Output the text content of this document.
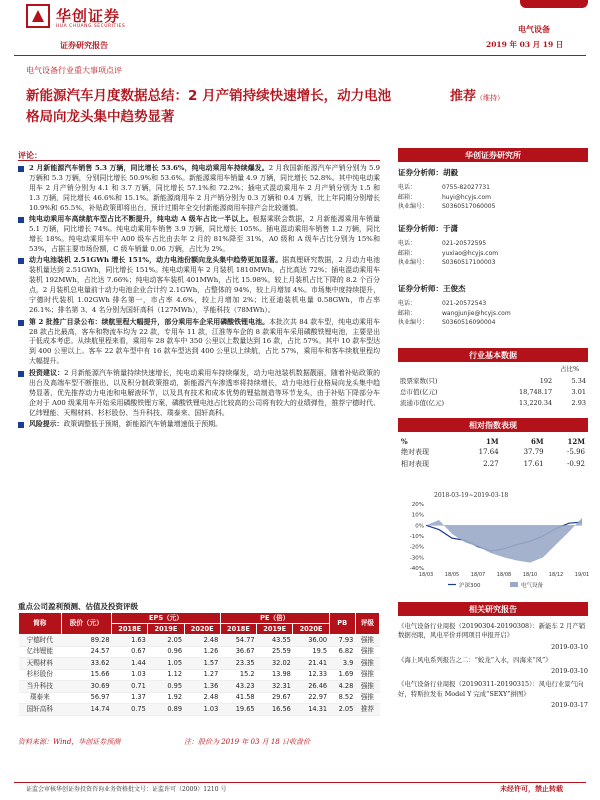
华创证券
HUA CHUANG SECURITIES
证券研究报告
电气设备
2019 年 03 月 19 日
电气设备行业重大事项点评
新能源汽车月度数据总结：2 月产销持续快速增长，动力电池格局向龙头集中趋势显著
推荐（维持）
评论：
2 月新能源汽车销售 5.3 万辆，同比增长 53.6%，纯电动乘用车持续爆发。2 月我国新能源汽车产销分别为 5.9 万辆和 5.3 万辆，分别同比增长 50.9%和 53.6%。新能源乘用车销量 4.9 万辆，同比增长 52.8%。其中纯电动乘用车 2 月产销分别为 4.1 和 3.7 万辆，同比增长 57.1%和 72.2%；插电式混动乘用车 2 月产销分别为 1.5 和 1.3 万辆，同比增长 46.6%和 15.1%。新能源商用车 2 月产销分别为 0.3 万辆和 0.4 万辆，比上年同期分别增长 10.9%和 65.5%，补贴政策即将出台，预计过期年全交付新能源商用车排产会比较谨慎。
纯电动乘用车高续航车型占比不断提升，纯电动 A 级车占比一半以上。根据乘联会数据，2 月新能源乘用车销量 5.1 万辆，同比增长 74%。纯电动乘用车销售 3.9 万辆，同比增长 105%。插电混动乘用车销售 1.2 万辆，同比增长 18%。纯电动乘用车中 A00 级车占比由去年 2 月的 81%降至 31%，A0 级和 A 级车占比分别为 15%和 53%，占据主要市场份额，C 级车销量 0.06 万辆，占比为 2%。
动力电池装机 2.51GWh 增长 151%，动力电池份额向龙头集中趋势更加显著。据真锂研究数据，2 月动力电池装机量达到 2.51GWh，同比增长 151%。纯电动乘用车 2 月装机 1810MWh，占比高达 72%；插电混动乘用车装机 192MWh，占比达 7.66%；纯电动客车装机 401MWh，占比 15.98%。较上月装机占比下降的 8.2 个百分点，2 月装机总电量前十动力电池企业合计约 2.1GWh，占整体的 94%，较上月增加 4%。市场集中度持续提升，宁德时代装机 1.02GWh 排名第一，市占率 4.6%，较上月增加 2%；比亚迪装机电量 0.58GWh，市占率 26.1%；排名第 3、4 名分别为国轩高科（127MWh），孚能科技（78MWh）。
第 2 批推广目录公布：续航里程大幅提升，部分乘用车企采用磷酸铁锂电池。本批次共 84 款车型，纯电动乘用车 28 款占比最高，客车和物流车均为 22 款，专用车 11 款，江淮等车企的 8 款乘用车采用磷酸铁锂电池，主要是出于低成本考虑。从续航里程来看，乘用车 28 款车中 350 公里以上数量达到 16 款，占比 57%。其中 10 款车型达到 400 公里以上。客车 22 款车型中有 16 款车型达到 400 公里以上续航，占比 57%，乘用车和客车续航里程均大幅提升。
投资建议：2 月新能源汽车销量持续快速增长，纯电动乘用车持续爆发，动力电池装机数据靓丽，随着补贴政策的出台及高端车型不断推出，以及积分制政策推动，新能源汽车渗透率将持续增长，动力电池行业格局向龙头集中趋势显著，优先推荐动力电池和电解液环节，以及具有技术和成本优势的锂盐制造等环节龙头，由于补贴下降部分车企对于 A00 级乘用车开始采用磷酸铁锂方案，磷酸铁锂电池占比较高的公司将有较大的业绩弹性，推荐宁德时代、亿纬锂能、天赐材料、杉杉股份、当升科技、璞泰来、国轩高科。
风险提示：政策调整低于预期，新能源汽车销量增速低于预期。
重点公司盈利预测、估值及投资评级
简称	股价（元）	EPS（元）			PE（倍）			PB	评级
		2018E	2019E	2020E	2018E	2019E	2020E		
宁德时代	89.28	1.63	2.05	2.48	54.77	43.55	36.00	7.93	强推
亿纬锂能	24.57	0.67	0.96	1.26	36.67	25.59	19.5	6.82	强推
天赐材料	33.62	1.44	1.05	1.57	23.35	32.02	21.41	3.9	强推
杉杉股份	15.66	1.03	1.12	1.27	15.2	13.98	12.33	1.69	强推
当升科技	30.69	0.71	0.95	1.36	43.23	32.31	26.46	4.28	强推
璞泰来	56.97	1.37	1.92	2.48	41.58	29.67	22.97	8.52	强推
国轩高科	14.74	0.75	0.89	1.03	19.65	16.56	14.31	2.05	推荐
资料来源：Wind，华创证券预测	注：股价为 2019 年 03 月 18 日收盘价
华创证券研究所
证券分析师：胡毅
电话：	0755-82027731
邮箱：	huyi@hcyjs.com
执业编号： S0360517060005
证券分析师：于潇
电话：	021-20572595
邮箱：	yuxiao@hcyjs.com
执业编号： S0360517100003
证券分析师：王俊杰
电话：	021-20572543
邮箱：	wangjunjie@hcyjs.com
执业编号： S0360516090004
行业基本数据
占比%
股票家数(只)	192	5.34
总市值(亿元)	18,748.17	3.01
流通市值(亿元)	13,220.34	2.93
相对指数表现
%	1M	6M	12M
绝对表现	17.64	37.79	-5.96
相对表现	2.27	17.61	-0.92
2018-03-19~2019-03-18
20%
10%
0%
-10%
-20%
-30%
-40%
18/03 18/05 18/07 18/08 18/10 18/12 19/01
沪深300	电气设备
相关研究报告
《电气设备行业周报（20190304-20190308）：新能车 2 月产销数据亮眼，风电平价并网项目申报开启》
2019-03-10
《海上风电系列报告之二：“蛟龙”入水，四海来“风”》
2019-03-10
《电气设备行业周报（20190311-20190315）：风电行业景气向好，特斯拉发布 Model Y 完成“SEXY”拼图》
2019-03-17
证监会审核华创证券投资咨询业务资格批文号：证监许可（2009）1210 号	未经许可，禁止转载
